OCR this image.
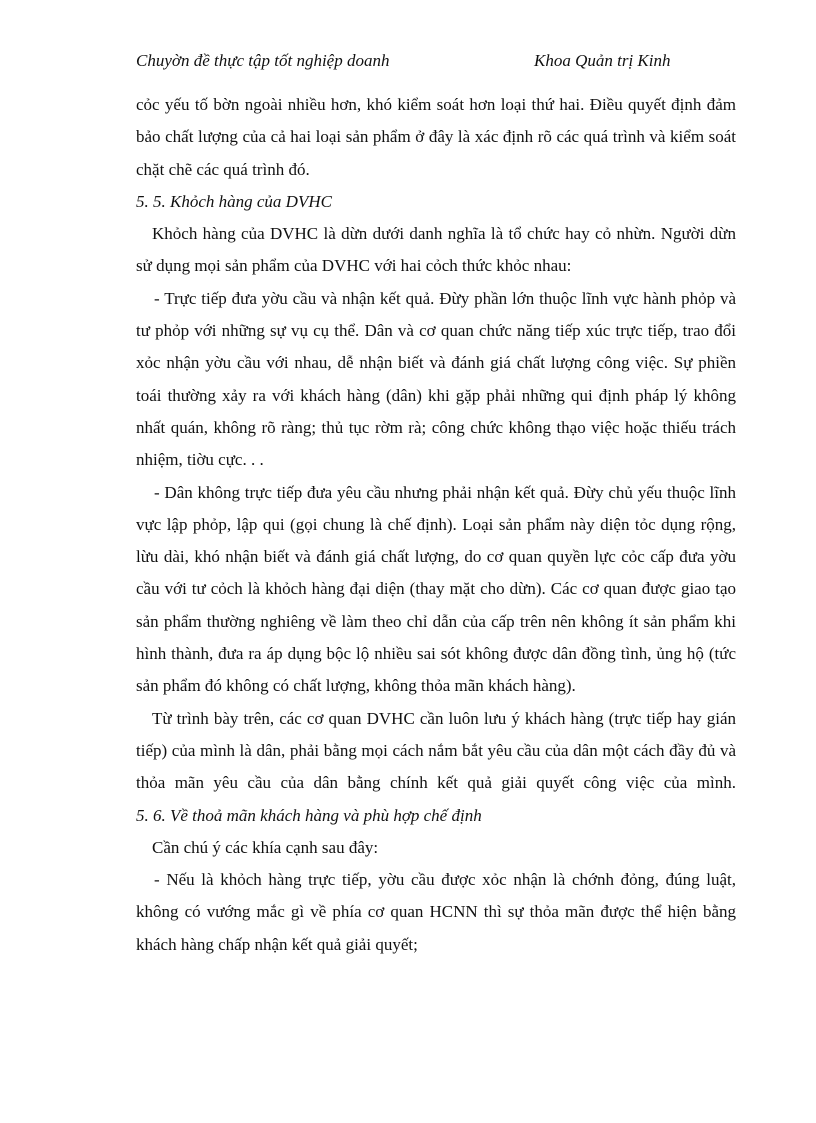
Chuyờn đề thực tập tốt nghiệp doanh	Khoa Quản trị Kinh

cỏc yếu tố bờn ngoài nhiều hơn, khó kiểm soát hơn loại thứ hai. Điều quyết định đảm bảo chất lượng của cả hai loại sản phẩm ở đây là xác định rõ các quá trình và kiểm soát chặt chẽ các quá trình đó.

5. 5. Khỏch hàng của DVHC

Khỏch hàng của DVHC là dừn dưới danh nghĩa là tổ chức hay cỏ nhừn. Người dừn sử dụng mọi sản phẩm của DVHC với hai cỏch thức khỏc nhau:

- Trực tiếp đưa yờu cầu và nhận kết quả. Đừy phần lớn thuộc lĩnh vực hành phỏp và tư phỏp với những sự vụ cụ thể. Dân và cơ quan chức năng tiếp xúc trực tiếp, trao đổi xỏc nhận yờu cầu với nhau, dễ nhận biết và đánh giá chất lượng công việc. Sự phiền toái thường xảy ra với khách hàng (dân) khi gặp phải những qui định pháp lý không nhất quán, không rõ ràng; thủ tục rờm rà; công chức không thạo việc hoặc thiếu trách nhiệm, tiờu cực. . .

- Dân không trực tiếp đưa yêu cầu nhưng phải nhận kết quả. Đừy chủ yếu thuộc lĩnh vực lập phỏp, lập qui (gọi chung là chế định). Loại sản phẩm này diện tỏc dụng rộng, lừu dài, khó nhận biết và đánh giá chất lượng, do cơ quan quyền lực cỏc cấp đưa yờu cầu với tư cỏch là khỏch hàng đại diện (thay mặt cho dừn). Các cơ quan được giao tạo sản phẩm thường nghiêng về làm theo chỉ dẫn của cấp trên nên không ít sản phẩm khi hình thành, đưa ra áp dụng bộc lộ nhiều sai sót không được dân đồng tình, ủng hộ (tức sản phẩm đó không có chất lượng, không thỏa mãn khách hàng).

Từ trình bày trên, các cơ quan DVHC cần luôn lưu ý khách hàng (trực tiếp hay gián tiếp) của mình là dân, phải bằng mọi cách nắm bắt yêu cầu của dân một cách đầy đủ và thỏa mãn yêu cầu của dân bằng chính kết quả giải quyết công việc của mình.

5. 6. Về thoả mãn khách hàng và phù hợp chế định

Cần chú ý các khía cạnh sau đây:

- Nếu là khỏch hàng trực tiếp, yờu cầu được xỏc nhận là chớnh đỏng, đúng luật, không có vướng mắc gì về phía cơ quan HCNN thì sự thỏa mãn được thể hiện bằng khách hàng chấp nhận kết quả giải quyết;
